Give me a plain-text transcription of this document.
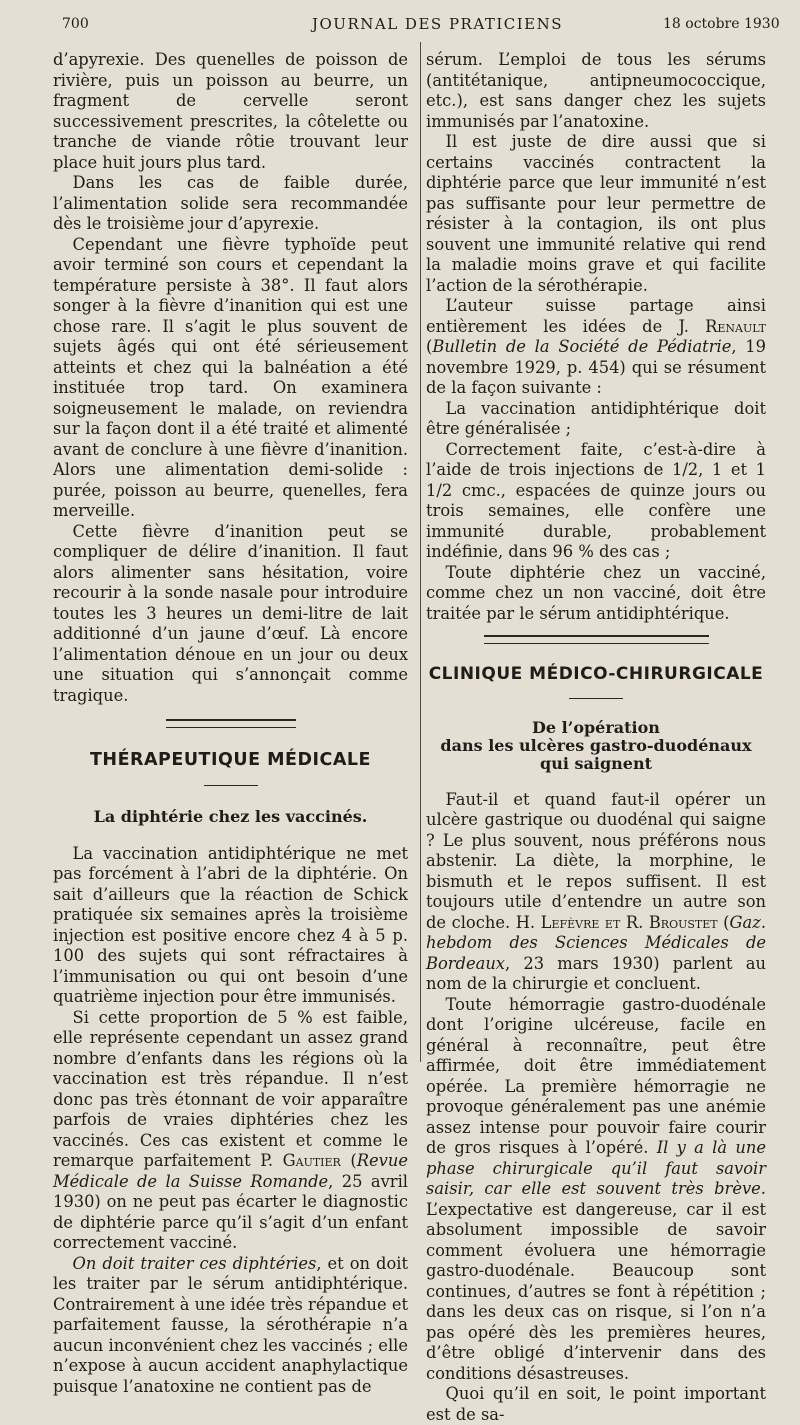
700	JOURNAL DES PRATICIENS	18 octobre 1930

d’apyrexie. Des quenelles de poisson de rivière, puis un poisson au beurre, un fragment de cervelle seront successivement prescrites, la côtelette ou tranche de viande rôtie trouvant leur place huit jours plus tard.

Dans les cas de faible durée, l’alimentation solide sera recommandée dès le troisième jour d’apyrexie.

Cependant une fièvre typhoïde peut avoir terminé son cours et cependant la température persiste à 38°. Il faut alors songer à la fièvre d’inanition qui est une chose rare. Il s’agit le plus souvent de sujets âgés qui ont été sérieusement atteints et chez qui la balnéation a été instituée trop tard. On examinera soigneusement le malade, on reviendra sur la façon dont il a été traité et alimenté avant de conclure à une fièvre d’inanition. Alors une alimentation demi-solide : purée, poisson au beurre, quenelles, fera merveille.

Cette fièvre d’inanition peut se compliquer de délire d’inanition. Il faut alors alimenter sans hésitation, voire recourir à la sonde nasale pour introduire toutes les 3 heures un demi-litre de lait additionné d’un jaune d’œuf. Là encore l’alimentation dénoue en un jour ou deux une situation qui s’annonçait comme tragique.

THÉRAPEUTIQUE MÉDICALE
La diphtérie chez les vaccinés.

La vaccination antidiphtérique ne met pas forcément à l’abri de la diphtérie. On sait d’ailleurs que la réaction de Schick pratiquée six semaines après la troisième injection est positive encore chez 4 à 5 p. 100 des sujets qui sont réfractaires à l’immunisation ou qui ont besoin d’une quatrième injection pour être immunisés.

Si cette proportion de 5 % est faible, elle représente cependant un assez grand nombre d’enfants dans les régions où la vaccination est très répandue. Il n’est donc pas très étonnant de voir apparaître parfois de vraies diphtéries chez les vaccinés. Ces cas existent et comme le remarque parfaitement P. Gautier (Revue Médicale de la Suisse Romande, 25 avril 1930) on ne peut pas écarter le diagnostic de diphtérie parce qu’il s’agit d’un enfant correctement vacciné.

On doit traiter ces diphtéries, et on doit les traiter par le sérum antidiphtérique. Contrairement à une idée très répandue et parfaitement fausse, la sérothérapie n’a aucun inconvénient chez les vaccinés ; elle n’expose à aucun accident anaphylactique puisque l’anatoxine ne contient pas de

sérum. L’emploi de tous les sérums (antitétanique, antipneumococcique, etc.), est sans danger chez les sujets immunisés par l’anatoxine.

Il est juste de dire aussi que si certains vaccinés contractent la diphtérie parce que leur immunité n’est pas suffisante pour leur permettre de résister à la contagion, ils ont plus souvent une immunité relative qui rend la maladie moins grave et qui facilite l’action de la sérothérapie.

L’auteur suisse partage ainsi entièrement les idées de J. Renault (Bulletin de la Société de Pédiatrie, 19 novembre 1929, p. 454) qui se résument de la façon suivante :

La vaccination antidiphtérique doit être généralisée ;

Correctement faite, c’est-à-dire à l’aide de trois injections de 1/2, 1 et 1 1/2 cmc., espacées de quinze jours ou trois semaines, elle confère une immunité durable, probablement indéfinie, dans 96 % des cas ;

Toute diphtérie chez un vacciné, comme chez un non vacciné, doit être traitée par le sérum antidiphtérique.

CLINIQUE MÉDICO-CHIRURGICALE
De l’opération
dans les ulcères gastro-duodénaux
qui saignent

Faut-il et quand faut-il opérer un ulcère gastrique ou duodénal qui saigne ? Le plus souvent, nous préférons nous abstenir. La diète, la morphine, le bismuth et le repos suffisent. Il est toujours utile d’entendre un autre son de cloche. H. Lefèvre et R. Broustet (Gaz. hebdom des Sciences Médicales de Bordeaux, 23 mars 1930) parlent au nom de la chirurgie et concluent.

Toute hémorragie gastro-duodénale dont l’origine ulcéreuse, facile en général à reconnaître, peut être affirmée, doit être immédiatement opérée. La première hémorragie ne provoque généralement pas une anémie assez intense pour pouvoir faire courir de gros risques à l’opéré. Il y a là une phase chirurgicale qu’il faut savoir saisir, car elle est souvent très brève. L’expectative est dangereuse, car il est absolument impossible de savoir comment évoluera une hémorragie gastro-duodénale. Beaucoup sont continues, d’autres se font à répétition ; dans les deux cas on risque, si l’on n’a pas opéré dès les premières heures, d’être obligé d’intervenir dans des conditions désastreuses.

Quoi qu’il en soit, le point important est de sa-
